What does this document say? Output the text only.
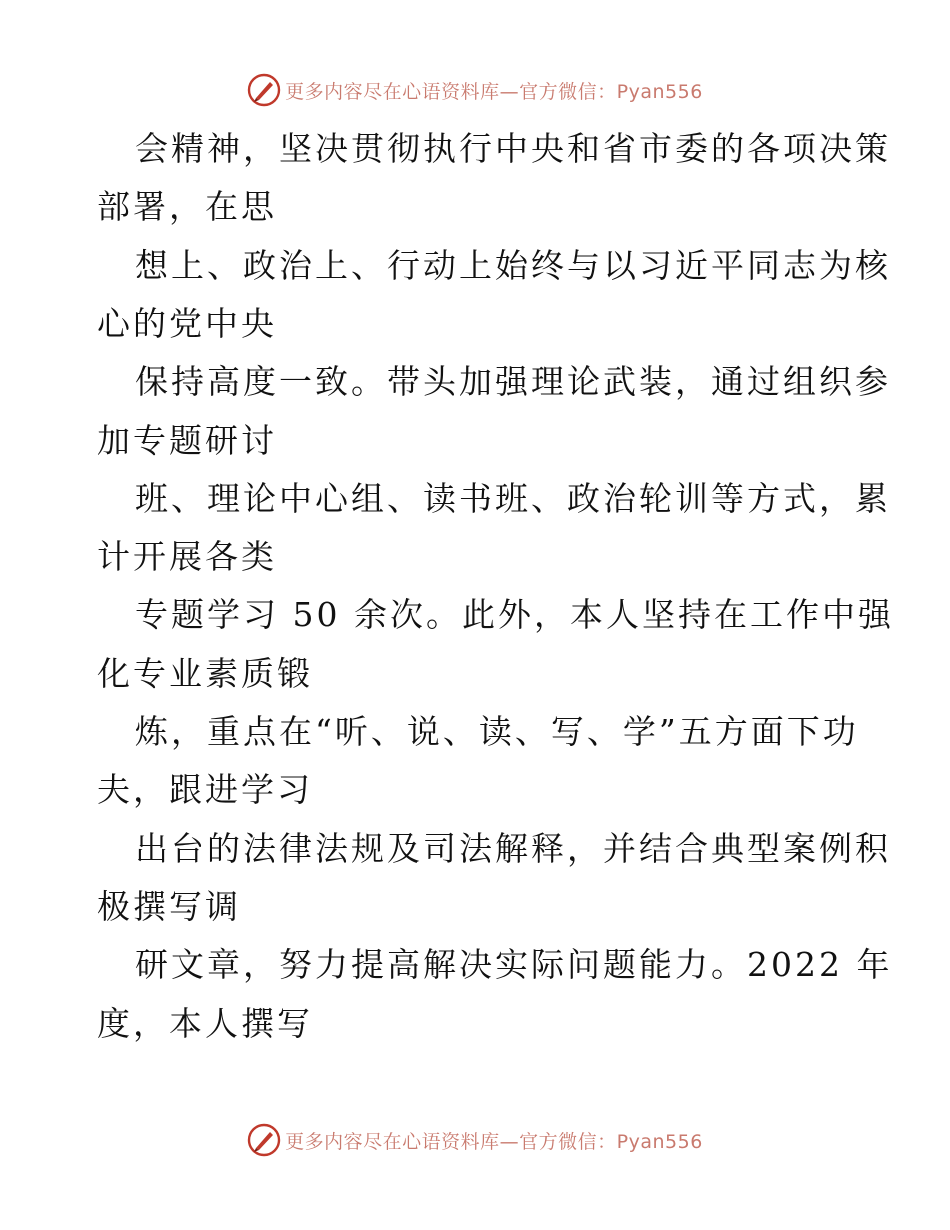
更多内容尽在心语资料库—官方微信：Pyan556
会精神，坚决贯彻执行中央和省市委的各项决策
部署，在思
想上、政治上、行动上始终与以习近平同志为核
心的党中央
保持高度一致。带头加强理论武装，通过组织参
加专题研讨
班、理论中心组、读书班、政治轮训等方式，累
计开展各类
专题学习 50 余次。此外，本人坚持在工作中强
化专业素质锻
炼，重点在“听、说、读、写、学”五方面下功
夫，跟进学习
出台的法律法规及司法解释，并结合典型案例积
极撰写调
研文章，努力提高解决实际问题能力。2022 年
度，本人撰写
更多内容尽在心语资料库—官方微信：Pyan556
